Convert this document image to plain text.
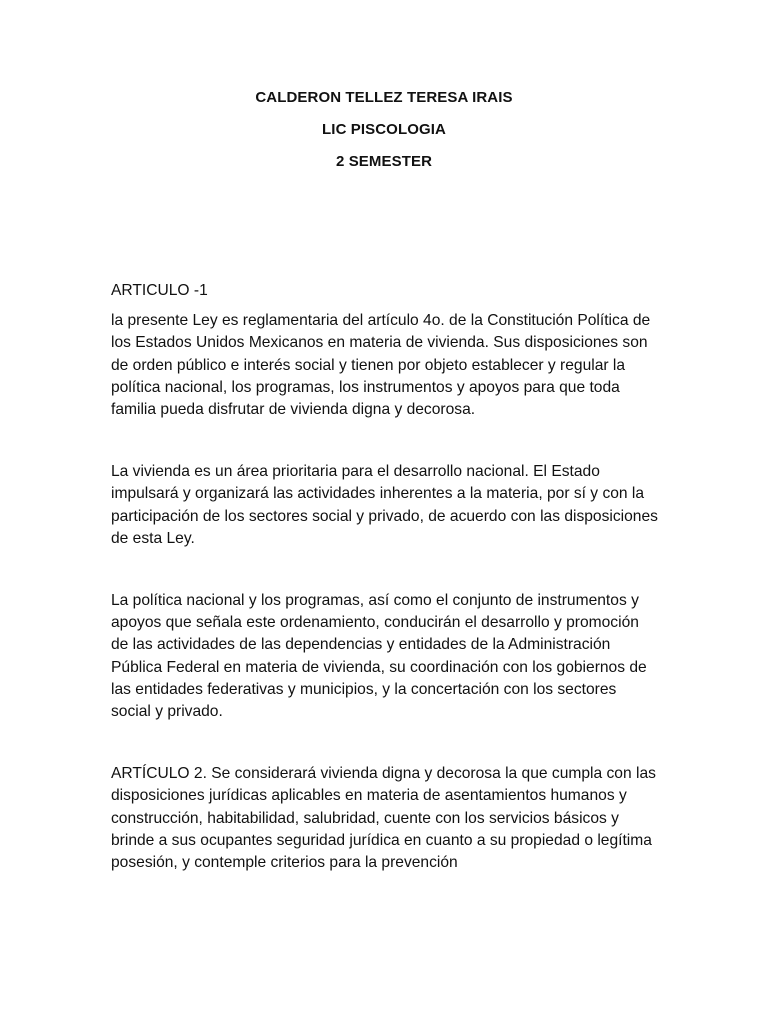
CALDERON TELLEZ TERESA IRAIS
LIC PISCOLOGIA
2 SEMESTER

ARTICULO -1

la presente Ley es reglamentaria del artículo 4o. de la Constitución Política de los Estados Unidos Mexicanos en materia de vivienda. Sus disposiciones son de orden público e interés social y tienen por objeto establecer y regular la política nacional, los programas, los instrumentos y apoyos para que toda familia pueda disfrutar de vivienda digna y decorosa.

La vivienda es un área prioritaria para el desarrollo nacional. El Estado impulsará y organizará las actividades inherentes a la materia, por sí y con la participación de los sectores social y privado, de acuerdo con las disposiciones de esta Ley.

La política nacional y los programas, así como el conjunto de instrumentos y apoyos que señala este ordenamiento, conducirán el desarrollo y promoción de las actividades de las dependencias y entidades de la Administración Pública Federal en materia de vivienda, su coordinación con los gobiernos de las entidades federativas y municipios, y la concertación con los sectores social y privado.

ARTÍCULO 2. Se considerará vivienda digna y decorosa la que cumpla con las disposiciones jurídicas aplicables en materia de asentamientos humanos y construcción, habitabilidad, salubridad, cuente con los servicios básicos y brinde a sus ocupantes seguridad jurídica en cuanto a su propiedad o legítima posesión, y contemple criterios para la prevención
